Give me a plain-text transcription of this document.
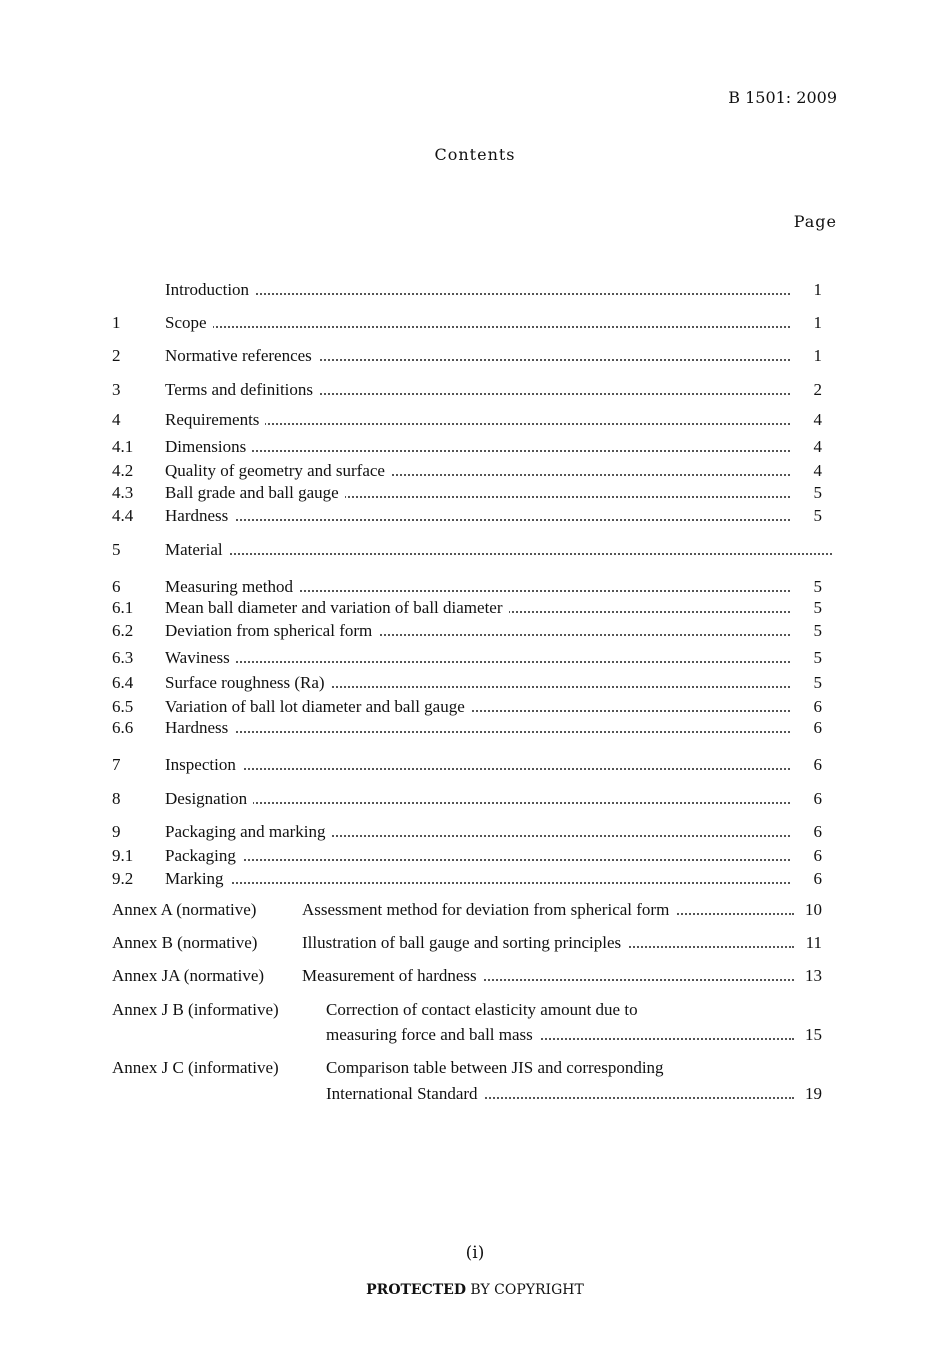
B 1501: 2009
Contents
Page
Introduction	1
1	Scope	1
2	Normative references	1
3	Terms and definitions	2
4	Requirements	4
4.1 Dimensions	4
4.2 Quality of geometry and surface	4
4.3 Ball grade and ball gauge	5
4.4 Hardness	5
5	Material
6	Measuring method	5
6.1 Mean ball diameter and variation of ball diameter	5
6.2 Deviation from spherical form	5
6.3 Waviness	5
6.4 Surface roughness (Ra)	5
6.5 Variation of ball lot diameter and ball gauge	6
6.6 Hardness	6
7	Inspection	6
8	Designation	6
9	Packaging and marking	6
9.1 Packaging	6
9.2 Marking	6
Annex A (normative)	Assessment method for deviation from spherical form	10
Annex B (normative)	Illustration of ball gauge and sorting principles	11
Annex JA (normative) Measurement of hardness	13
Annex J B (informative)	Correction of contact elasticity amount due to
measuring force and ball mass	15
Annex J C (informative)	Comparison table between JIS and corresponding
International Standard	19
(i)
PROTECTED BY COPYRIGHT
